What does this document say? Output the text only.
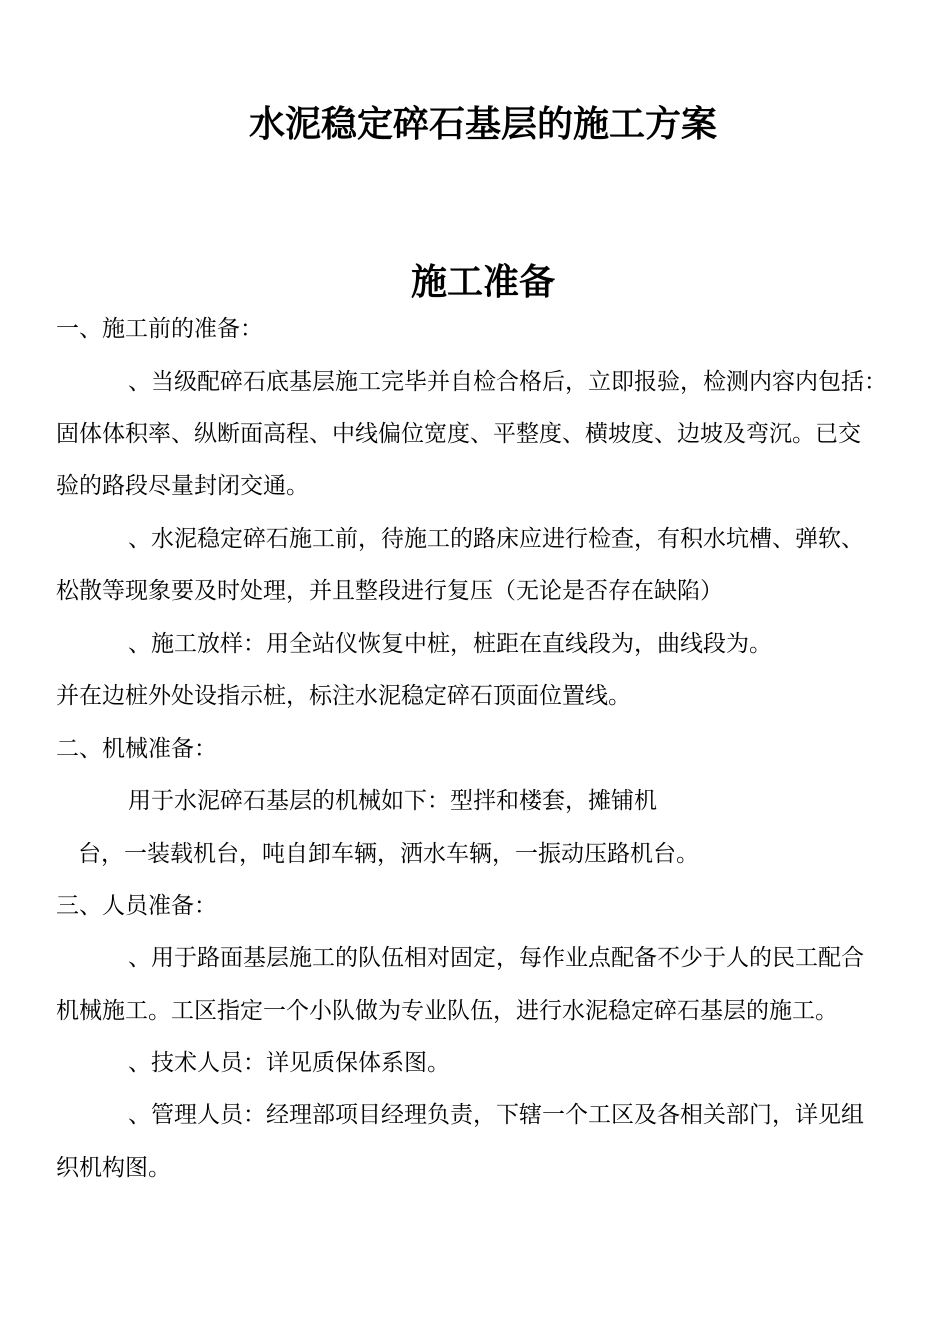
水泥稳定碎石基层的施工方案
施工准备
一、施工前的准备：
、当级配碎石底基层施工完毕并自检合格后，立即报验，检测内容内包括：
固体体积率、纵断面高程、中线偏位宽度、平整度、横坡度、边坡及弯沉。已交
验的路段尽量封闭交通。
、水泥稳定碎石施工前，待施工的路床应进行检查，有积水坑槽、弹软、
松散等现象要及时处理，并且整段进行复压（无论是否存在缺陷）
、施工放样：用全站仪恢复中桩，桩距在直线段为，曲线段为。
并在边桩外处设指示桩，标注水泥稳定碎石顶面位置线。
二、机械准备：
用于水泥碎石基层的机械如下：型拌和楼套，摊铺机
台，一装载机台，吨自卸车辆，洒水车辆，一振动压路机台。
三、人员准备：
、用于路面基层施工的队伍相对固定，每作业点配备不少于人的民工配合
机械施工。工区指定一个小队做为专业队伍，进行水泥稳定碎石基层的施工。
、技术人员：详见质保体系图。
、管理人员：经理部项目经理负责，下辖一个工区及各相关部门，详见组
织机构图。
